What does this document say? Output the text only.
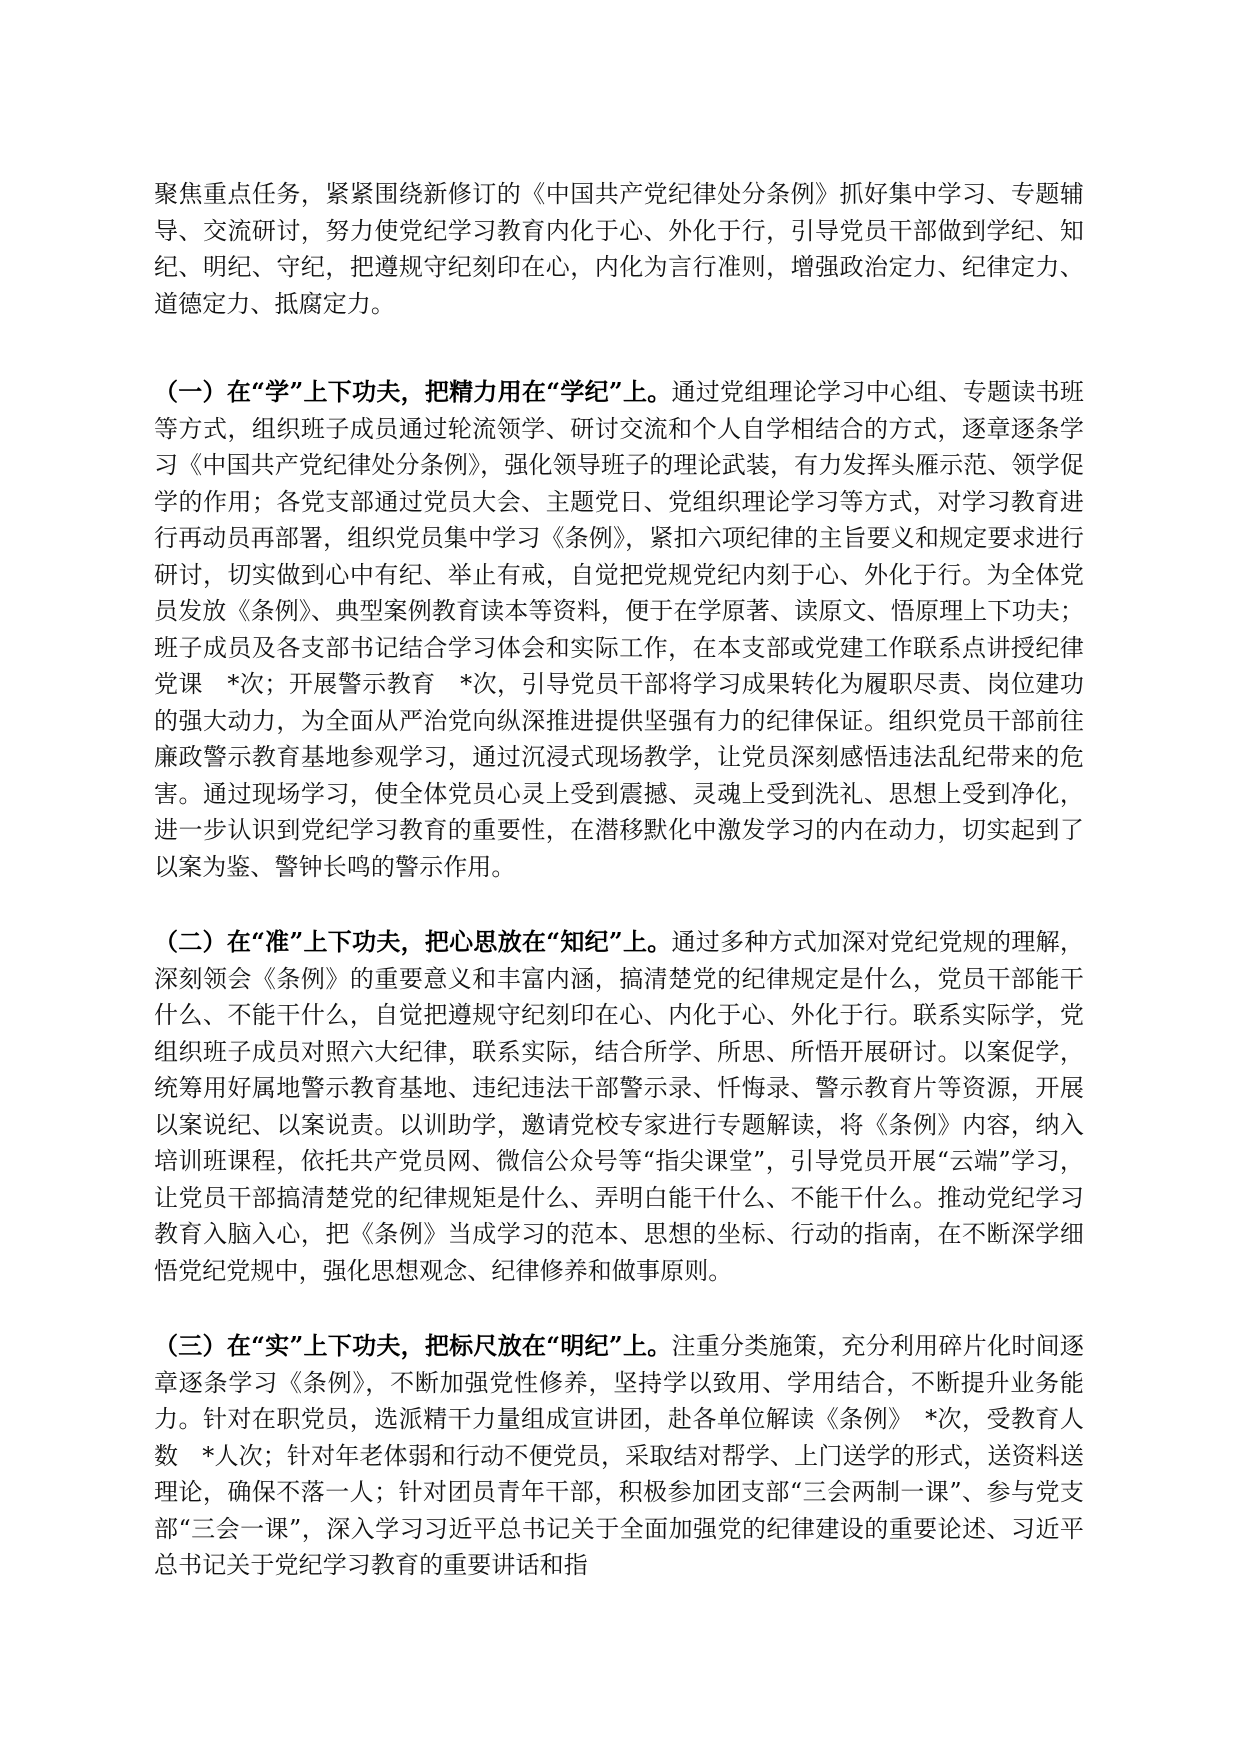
聚焦重点任务，紧紧围绕新修订的《中国共产党纪律处分条例》抓好集中学习、专题辅导、交流研讨，努力使党纪学习教育内化于心、外化于行，引导党员干部做到学纪、知纪、明纪、守纪，把遵规守纪刻印在心，内化为言行准则，增强政治定力、纪律定力、道德定力、抵腐定力。

（一）在“学”上下功夫，把精力用在“学纪”上。通过党组理论学习中心组、专题读书班等方式，组织班子成员通过轮流领学、研讨交流和个人自学相结合的方式，逐章逐条学习《中国共产党纪律处分条例》，强化领导班子的理论武装，有力发挥头雁示范、领学促学的作用；各党支部通过党员大会、主题党日、党组织理论学习等方式，对学习教育进行再动员再部署，组织党员集中学习《条例》，紧扣六项纪律的主旨要义和规定要求进行研讨，切实做到心中有纪、举止有戒，自觉把党规党纪内刻于心、外化于行。为全体党员发放《条例》、典型案例教育读本等资料，便于在学原著、读原文、悟原理上下功夫；班子成员及各支部书记结合学习体会和实际工作，在本支部或党建工作联系点讲授纪律党课　*次；开展警示教育　*次，引导党员干部将学习成果转化为履职尽责、岗位建功的强大动力，为全面从严治党向纵深推进提供坚强有力的纪律保证。组织党员干部前往廉政警示教育基地参观学习，通过沉浸式现场教学，让党员深刻感悟违法乱纪带来的危害。通过现场学习，使全体党员心灵上受到震撼、灵魂上受到洗礼、思想上受到净化，进一步认识到党纪学习教育的重要性，在潜移默化中激发学习的内在动力，切实起到了以案为鉴、警钟长鸣的警示作用。

（二）在“准”上下功夫，把心思放在“知纪”上。通过多种方式加深对党纪党规的理解，深刻领会《条例》的重要意义和丰富内涵，搞清楚党的纪律规定是什么，党员干部能干什么、不能干什么，自觉把遵规守纪刻印在心、内化于心、外化于行。联系实际学，党组织班子成员对照六大纪律，联系实际，结合所学、所思、所悟开展研讨。以案促学，统筹用好属地警示教育基地、违纪违法干部警示录、忏悔录、警示教育片等资源，开展以案说纪、以案说责。以训助学，邀请党校专家进行专题解读，将《条例》内容，纳入培训班课程，依托共产党员网、微信公众号等“指尖课堂”，引导党员开展“云端”学习，让党员干部搞清楚党的纪律规矩是什么、弄明白能干什么、不能干什么。推动党纪学习教育入脑入心，把《条例》当成学习的范本、思想的坐标、行动的指南，在不断深学细悟党纪党规中，强化思想观念、纪律修养和做事原则。

（三）在“实”上下功夫，把标尺放在“明纪”上。注重分类施策，充分利用碎片化时间逐章逐条学习《条例》，不断加强党性修养，坚持学以致用、学用结合，不断提升业务能力。针对在职党员，选派精干力量组成宣讲团，赴各单位解读《条例》　*次，受教育人数　*人次；针对年老体弱和行动不便党员，采取结对帮学、上门送学的形式，送资料送理论，确保不落一人；针对团员青年干部，积极参加团支部“三会两制一课”、参与党支部“三会一课”，深入学习习近平总书记关于全面加强党的纪律建设的重要论述、习近平总书记关于党纪学习教育的重要讲话和指
